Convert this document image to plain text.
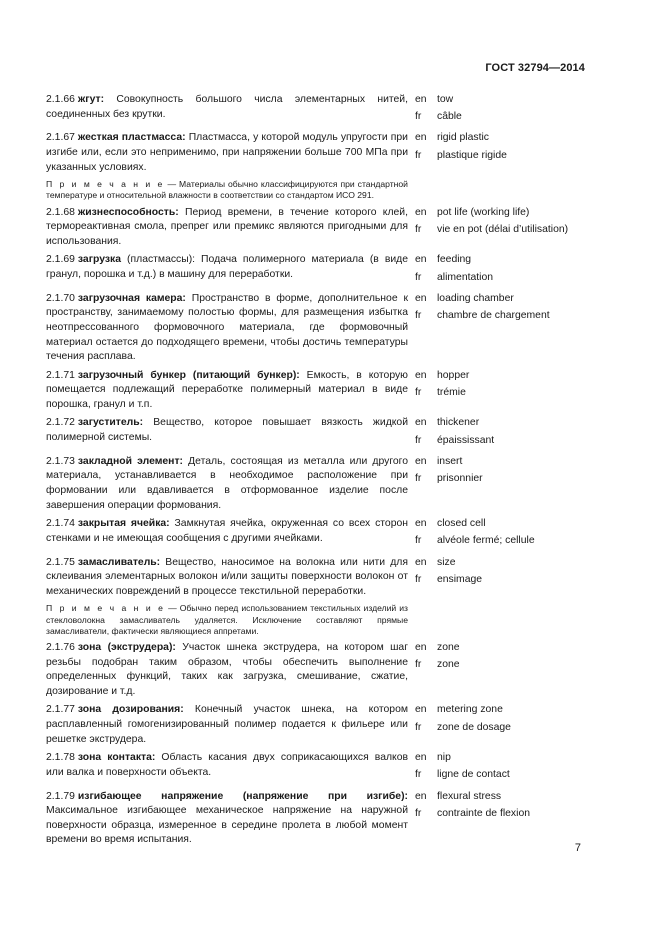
ГОСТ 32794—2014
2.1.66 жгут: Совокупность большого числа элементарных нитей, соединенных без крутки.
en	tow
fr	câble
2.1.67 жесткая пластмасса: Пластмасса, у которой модуль упругости при изгибе или, если это неприменимо, при напряжении больше 700 МПа при указанных условиях.
en	rigid plastic
fr	plastique rigide
П р и м е ч а н и е — Материалы обычно классифицируются при стандартной температуре и относительной влажности в соответствии со стандартом ИСО 291.
2.1.68 жизнеспособность: Период времени, в течение которого клей, термореактивная смола, препрег или премикс являются пригодными для использования.
en	pot life (working life)
fr	vie en pot (délai d’utilisation)
2.1.69 загрузка (пластмассы): Подача полимерного материала (в виде гранул, порошка и т.д.) в машину для переработки.
en	feeding
fr	alimentation
2.1.70 загрузочная камера: Пространство в форме, дополнительное к пространству, занимаемому полостью формы, для размещения избытка неотпрессованного формовочного материала, где формовочный материал остается до подходящего времени, чтобы достичь температуры течения расплава.
en	loading chamber
fr	chambre de chargement
2.1.71 загрузочный бункер (питающий бункер): Емкость, в которую помещается подлежащий переработке полимерный материал в виде порошка, гранул и т.п.
en	hopper
fr	trémie
2.1.72 загуститель: Вещество, которое повышает вязкость жидкой полимерной системы.
en	thickener
fr	épaississant
2.1.73 закладной элемент: Деталь, состоящая из металла или другого материала, устанавливается в необходимое расположение при формовании или вдавливается в отформованное изделие после завершения операции формования.
en	insert
fr	prisonnier
2.1.74 закрытая ячейка: Замкнутая ячейка, окруженная со всех сторон стенками и не имеющая сообщения с другими ячейками.
en	closed cell
fr	alvéole fermé; cellule
2.1.75 замасливатель: Вещество, наносимое на волокна или нити для склеивания элементарных волокон и/или защиты поверхности волокон от механических повреждений в процессе текстильной переработки.
en	size
fr	ensimage
П р и м е ч а н и е — Обычно перед использованием текстильных изделий из стекловолокна замасливатель удаляется. Исключение составляют прямые замасливатели, фактически являющиеся аппретами.
2.1.76 зона (экструдера): Участок шнека экструдера, на котором шаг резьбы подобран таким образом, чтобы обеспечить выполнение определенных функций, таких как загрузка, смешивание, сжатие, дозирование и т.д.
en	zone
fr	zone
2.1.77 зона дозирования: Конечный участок шнека, на котором расплавленный гомогенизированный полимер подается к фильере или решетке экструдера.
en	metering zone
fr	zone de dosage
2.1.78 зона контакта: Область касания двух соприкасающихся валков или валка и поверхности объекта.
en	nip
fr	ligne de contact
2.1.79 изгибающее напряжение (напряжение при изгибе): Максимальное изгибающее механическое напряжение на наружной поверхности образца, измеренное в середине пролета в любой момент времени во время испытания.
en	flexural stress
fr	contrainte de flexion
7
